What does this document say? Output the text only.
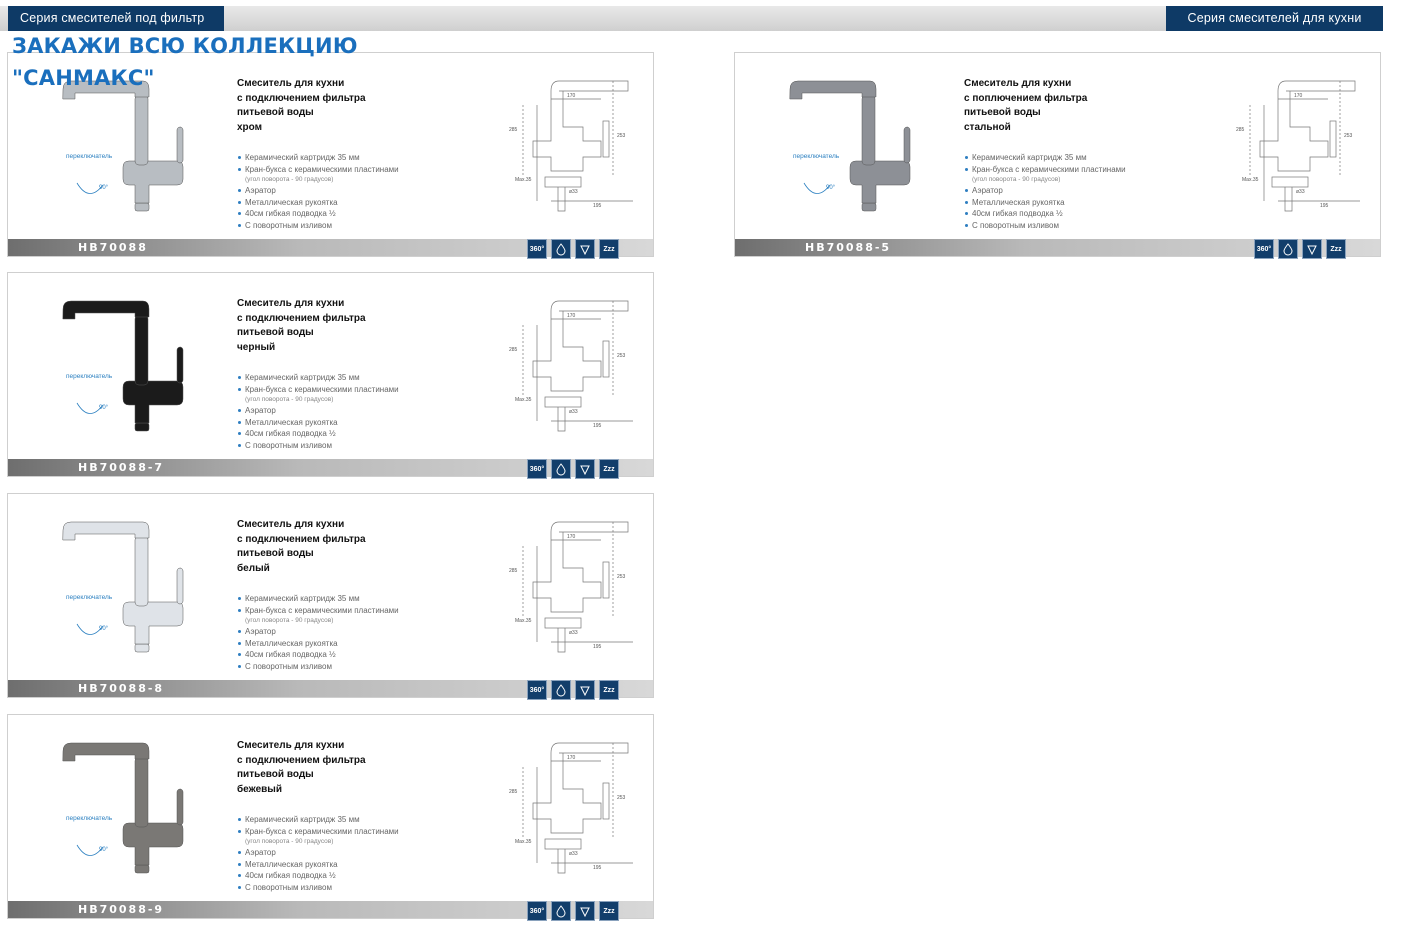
Серия смесителей под фильтр	Серия смесителей для кухни
ЗАКАЖИ ВСЮ КОЛЛЕКЦИЮ
"САНМАКС"
90°
переключатель
Смеситель для кухни
с подключением фильтра
питьевой воды
хром
Керамический картридж 35 мм
Кран-букса с керамическими пластинами
(угол поворота - 90 градусов)
Аэратор
Металлическая рукоятка
40см гибкая подводка ½
С поворотным изливом
170
285
253
195
Max.35
ø33
HB70088	360°	Zzz
90°
переключатель
Смеситель для кухни
с поплючением фильтра
питьевой воды
стальной
Керамический картридж 35 мм
Кран-букса с керамическими пластинами
(угол поворота - 90 градусов)
Аэратор
Металлическая рукоятка
40см гибкая подводка ½
С поворотным изливом
170
285
253
195
Max.35
ø33
HB70088-5	360°	Zzz
90°
переключатель
Смеситель для кухни
с подключением фильтра
питьевой воды
черный
Керамический картридж 35 мм
Кран-букса с керамическими пластинами
(угол поворота - 90 градусов)
Аэратор
Металлическая рукоятка
40см гибкая подводка ½
С поворотным изливом
170
285
253
195
Max.35
ø33
HB70088-7	360°	Zzz
90°
переключатель
Смеситель для кухни
с подключением фильтра
питьевой воды
белый
Керамический картридж 35 мм
Кран-букса с керамическими пластинами
(угол поворота - 90 градусов)
Аэратор
Металлическая рукоятка
40см гибкая подводка ½
С поворотным изливом
170
285
253
195
Max.35
ø33
HB70088-8	360°	Zzz
90°
переключатель
Смеситель для кухни
с подключением фильтра
питьевой воды
бежевый
Керамический картридж 35 мм
Кран-букса с керамическими пластинами
(угол поворота - 90 градусов)
Аэратор
Металлическая рукоятка
40см гибкая подводка ½
С поворотным изливом
170
285
253
195
Max.35
ø33
HB70088-9	360°	Zzz
